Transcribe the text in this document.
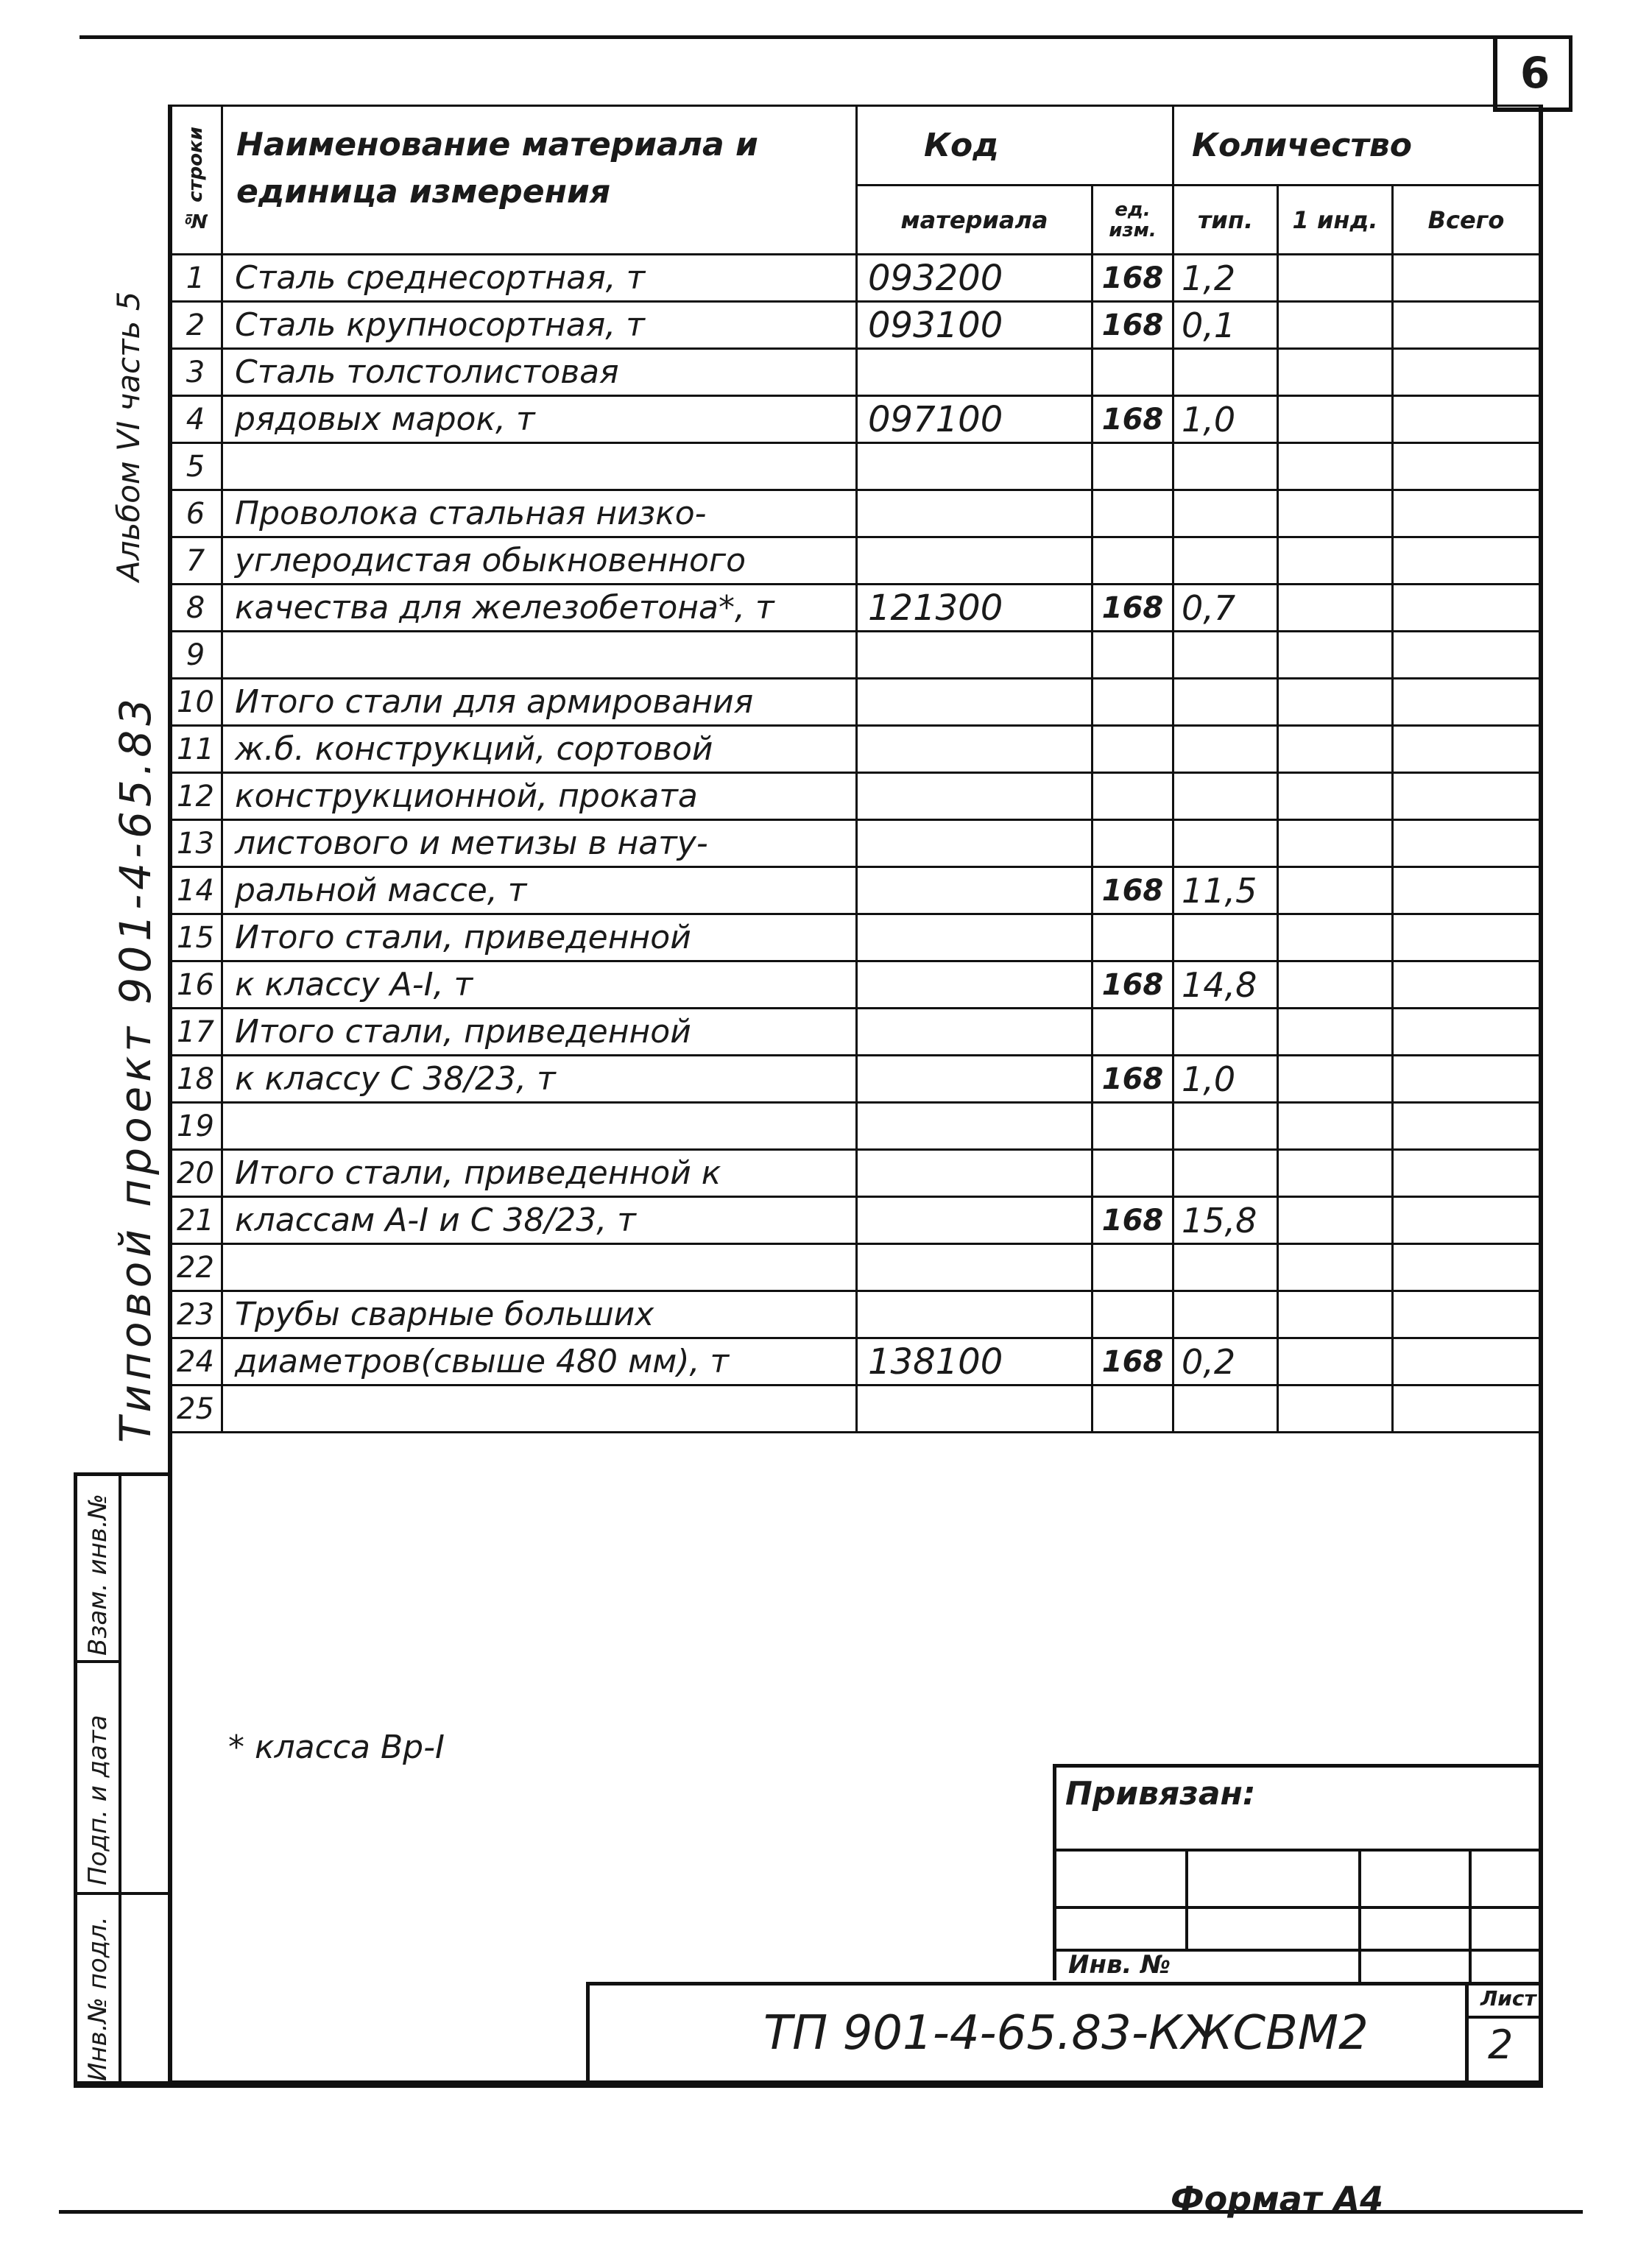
6
№ строки	Наименование материала и единица измерения	Код		Количество		
		материала	ед. изм.	тип.	1 инд.	Всего
1	Сталь среднесортная, т	093200	168	1,2		
2	Сталь крупносортная, т	093100	168	0,1		
3	Сталь толстолистовая					
4	рядовых марок, т	097100	168	1,0		
5						
6	Проволока стальная низко-					
7	углеродистая обыкновенного					
8	качества для железобетона*, т	121300	168	0,7		
9						
10	Итого стали для армирования					
11	ж.б. конструкций, сортовой					
12	конструкционной, проката					
13	листового и метизы в нату-					
14	ральной массе, т		168	11,5		
15	Итого стали, приведенной					
16	к классу А-I, т		168	14,8		
17	Итого стали, приведенной					
18	к классу С 38/23, т		168	1,0		
19						
20	Итого стали, приведенной к					
21	классам А-I и С 38/23, т		168	15,8		
22						
23	Трубы сварные больших					
24	диаметров(свыше 480 мм), т	138100	168	0,2		
25						
Альбом VI часть 5
Типовой проект 901-4-65.83
Инв.№ подл.
Подп. и дата
Взам. инв.№
* класса Вр-I
Привязан:
Инв. №
ТП 901-4-65.83-КЖСВМ2
Лист
2
Формат А4
